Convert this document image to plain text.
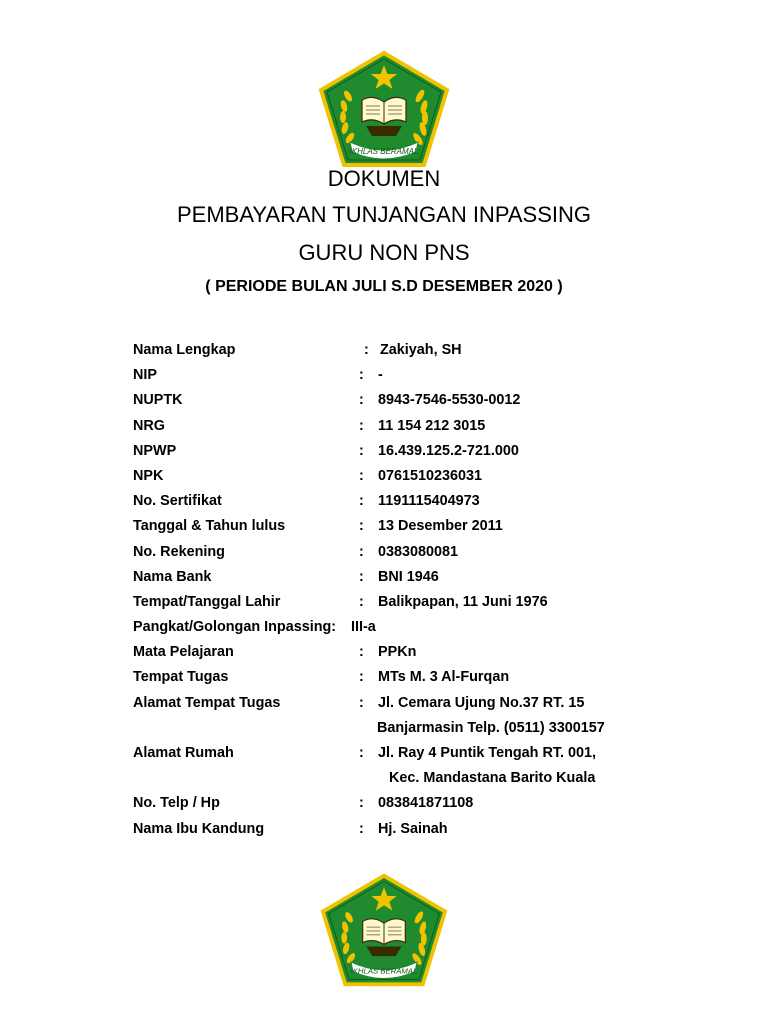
IKHLAS BERAMAL
DOKUMEN
PEMBAYARAN TUNJANGAN INPASSING
GURU NON PNS
( PERIODE BULAN JULI S.D DESEMBER 2020 )
Nama Lengkap	: Zakiyah, SH
NIP	: -
NUPTK	: 8943-7546-5530-0012
NRG	: 11 154 212 3015
NPWP	: 16.439.125.2-721.000
NPK	: 0761510236031
No. Sertifikat	: 1191115404973
Tanggal & Tahun lulus	: 13 Desember 2011
No. Rekening	: 0383080081
Nama Bank	: BNI 1946
Tempat/Tanggal Lahir	: Balikpapan, 11 Juni 1976
Pangkat/Golongan Inpassing: III-a
Mata Pelajaran	: PPKn
Tempat Tugas	: MTs M. 3 Al-Furqan
Alamat Tempat Tugas	: Jl. Cemara Ujung No.37 RT. 15
Banjarmasin Telp. (0511) 3300157
Alamat Rumah	: Jl. Ray 4 Puntik Tengah RT. 001,
Kec. Mandastana Barito Kuala
No. Telp / Hp	: 083841871108
Nama Ibu Kandung	: Hj. Sainah
IKHLAS BERAMAL
